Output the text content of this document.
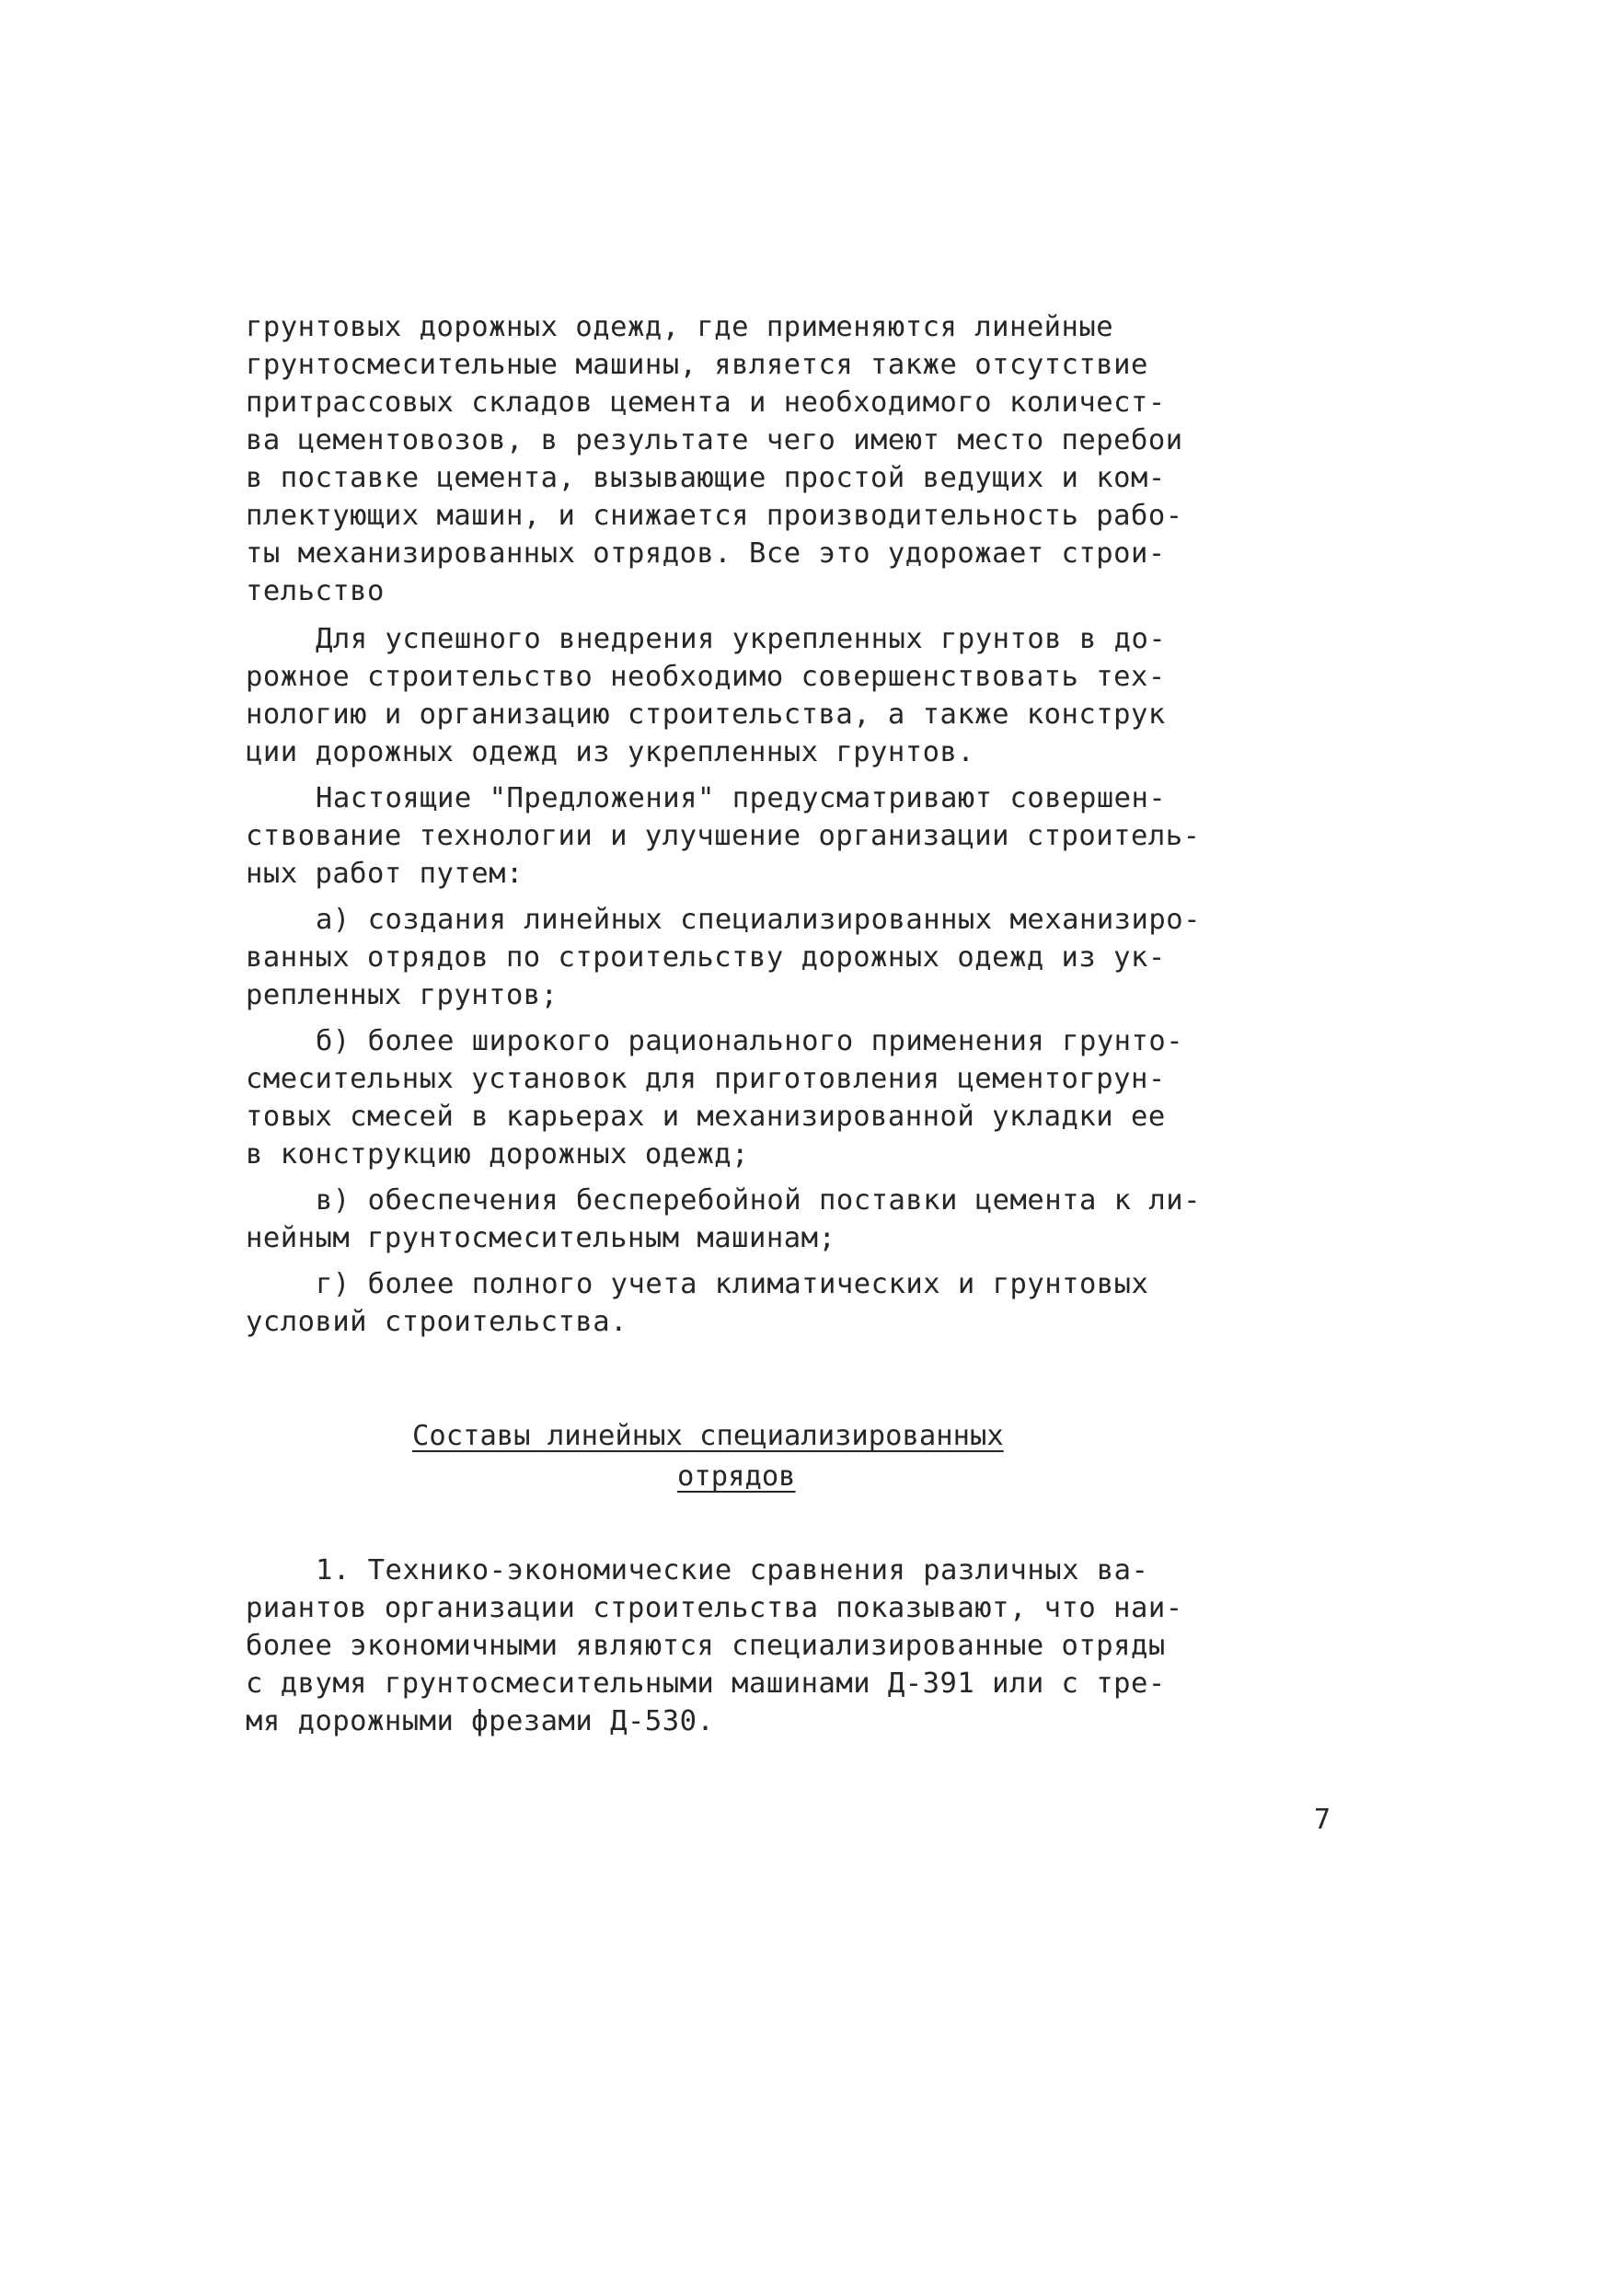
грунтовых дорожных одежд, где применяются линейные
грунтосмесительные машины, является также отсутствие
притрассовых складов цемента и необходимого количест-
ва цементовозов, в результате чего имеют место перебои
в поставке цемента, вызывающие простой ведущих и ком-
плектующих машин, и снижается производительность рабо-
ты механизированных отрядов. Все это удорожает строи-
тельство
Для успешного внедрения укрепленных грунтов в до-
рожное строительство необходимо совершенствовать тех-
нологию и организацию строительства, а также конструк
ции дорожных одежд из укрепленных грунтов.
Настоящие "Предложения" предусматривают совершен-
ствование технологии и улучшение организации строитель-
ных работ путем:
а) создания линейных специализированных механизиро-
ванных отрядов по строительству дорожных одежд из ук-
репленных грунтов;
б) более широкого рационального применения грунто-
смесительных установок для приготовления цементогрун-
товых смесей в карьерах и механизированной укладки ее
в конструкцию дорожных одежд;
в) обеспечения бесперебойной поставки цемента к ли-
нейным грунтосмесительным машинам;
г) более полного учета климатических и грунтовых
условий строительства.
Составы линейных специализированных
отрядов
1. Технико-экономические сравнения различных ва-
риантов организации строительства показывают, что наи-
более экономичными являются специализированные отряды
с двумя грунтосмесительными машинами Д-391 или с тре-
мя дорожными фрезами Д-530.
7
